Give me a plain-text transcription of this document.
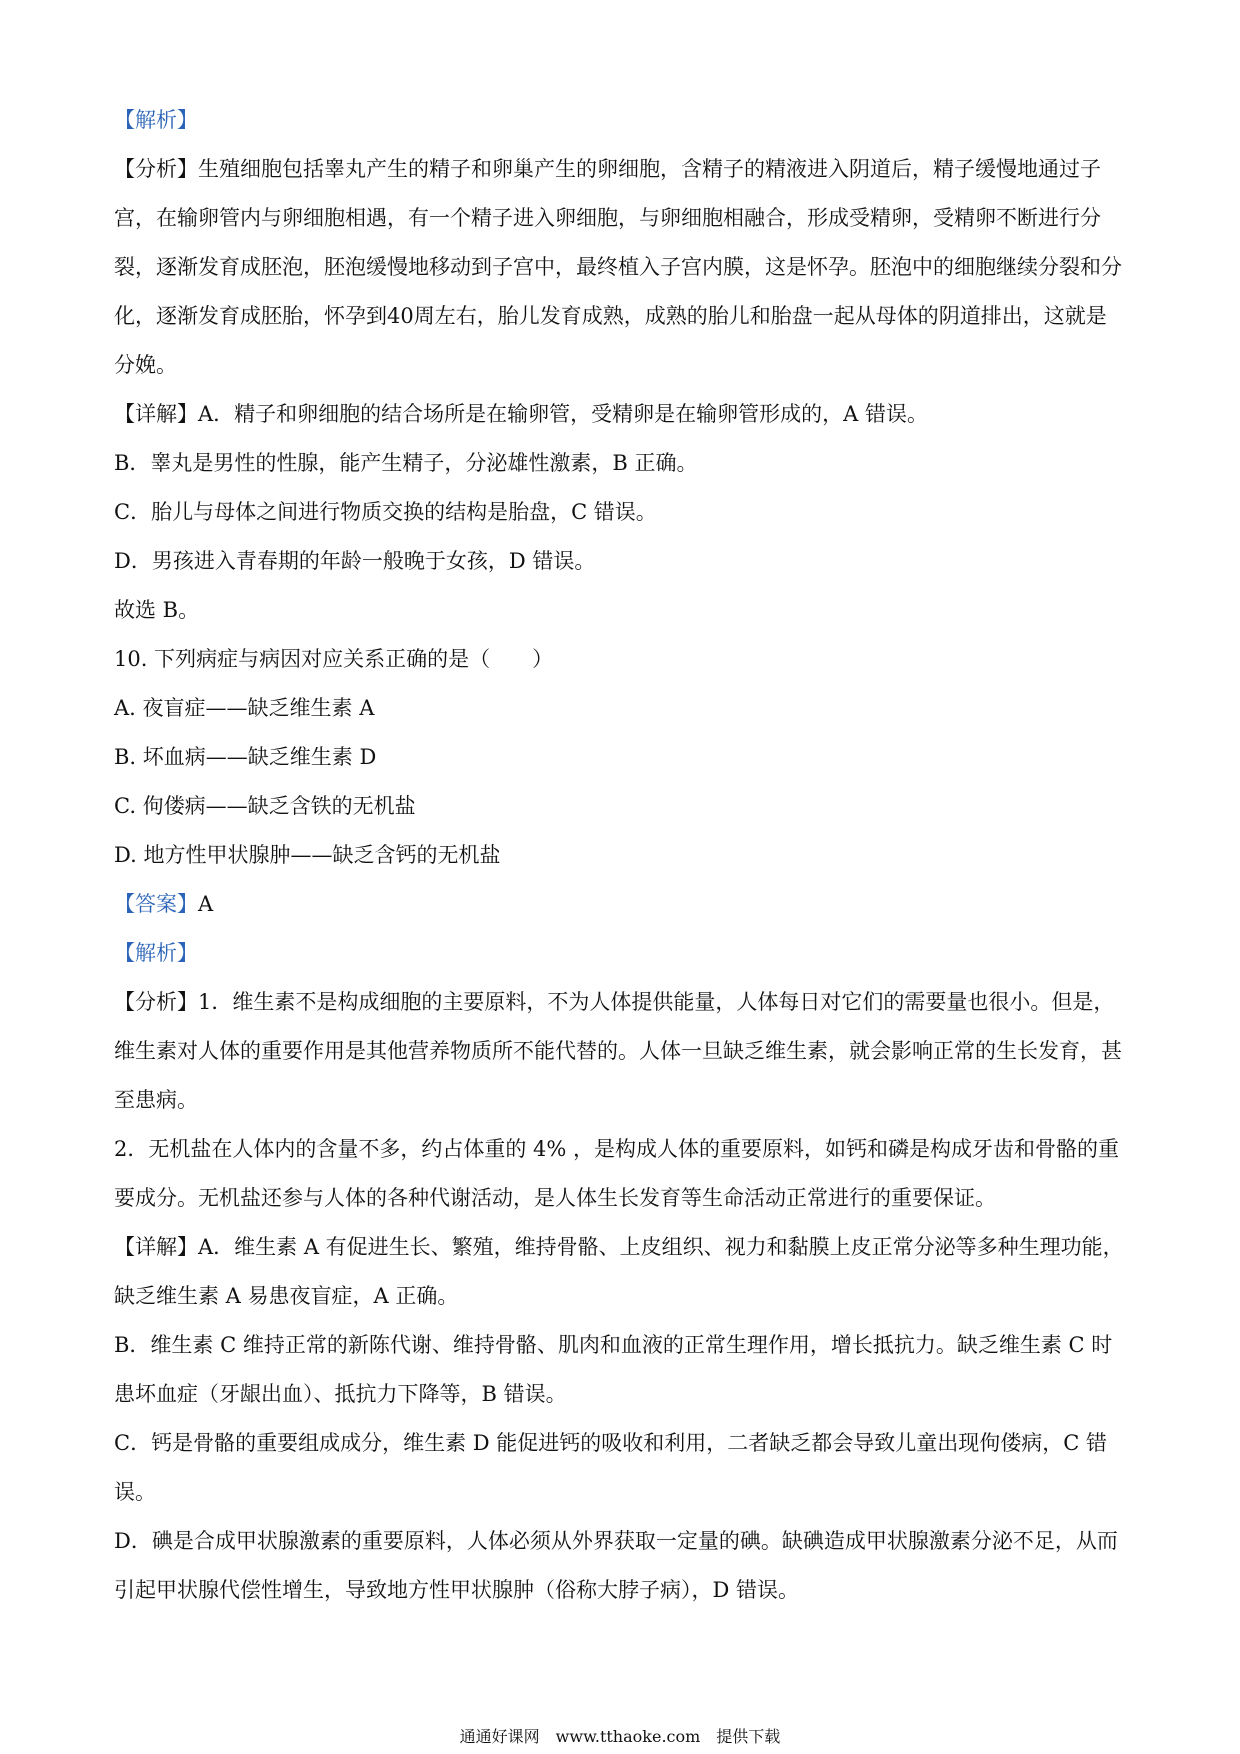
【解析】
【分析】生殖细胞包括睾丸产生的精子和卵巢产生的卵细胞，含精子的精液进入阴道后，精子缓慢地通过子宫，在输卵管内与卵细胞相遇，有一个精子进入卵细胞，与卵细胞相融合，形成受精卵，受精卵不断进行分裂，逐渐发育成胚泡，胚泡缓慢地移动到子宫中，最终植入子宫内膜，这是怀孕。胚泡中的细胞继续分裂和分化，逐渐发育成胚胎，怀孕到40周左右，胎儿发育成熟，成熟的胎儿和胎盘一起从母体的阴道排出，这就是分娩。
【详解】A．精子和卵细胞的结合场所是在输卵管，受精卵是在输卵管形成的，A 错误。
B．睾丸是男性的性腺，能产生精子，分泌雄性激素，B 正确。
C．胎儿与母体之间进行物质交换的结构是胎盘，C 错误。
D．男孩进入青春期的年龄一般晚于女孩，D 错误。
故选 B。
10. 下列病症与病因对应关系正确的是（　　）
A. 夜盲症——缺乏维生素 A
B. 坏血病——缺乏维生素 D
C. 佝偻病——缺乏含铁的无机盐
D. 地方性甲状腺肿——缺乏含钙的无机盐
【答案】A
【解析】
【分析】1．维生素不是构成细胞的主要原料，不为人体提供能量，人体每日对它们的需要量也很小。但是，维生素对人体的重要作用是其他营养物质所不能代替的。人体一旦缺乏维生素，就会影响正常的生长发育，甚至患病。
2．无机盐在人体内的含量不多，约占体重的 4% ，是构成人体的重要原料，如钙和磷是构成牙齿和骨骼的重要成分。无机盐还参与人体的各种代谢活动，是人体生长发育等生命活动正常进行的重要保证。
【详解】A．维生素 A 有促进生长、繁殖，维持骨骼、上皮组织、视力和黏膜上皮正常分泌等多种生理功能，缺乏维生素 A 易患夜盲症，A 正确。
B．维生素 C 维持正常的新陈代谢、维持骨骼、肌肉和血液的正常生理作用，增长抵抗力。缺乏维生素 C 时患坏血症（牙龈出血）、抵抗力下降等，B 错误。
C．钙是骨骼的重要组成成分，维生素 D 能促进钙的吸收和利用，二者缺乏都会导致儿童出现佝偻病，C 错误。
D．碘是合成甲状腺激素的重要原料，人体必须从外界获取一定量的碘。缺碘造成甲状腺激素分泌不足，从而引起甲状腺代偿性增生，导致地方性甲状腺肿（俗称大脖子病），D 错误。
通通好课网　www.tthaoke.com　提供下载
